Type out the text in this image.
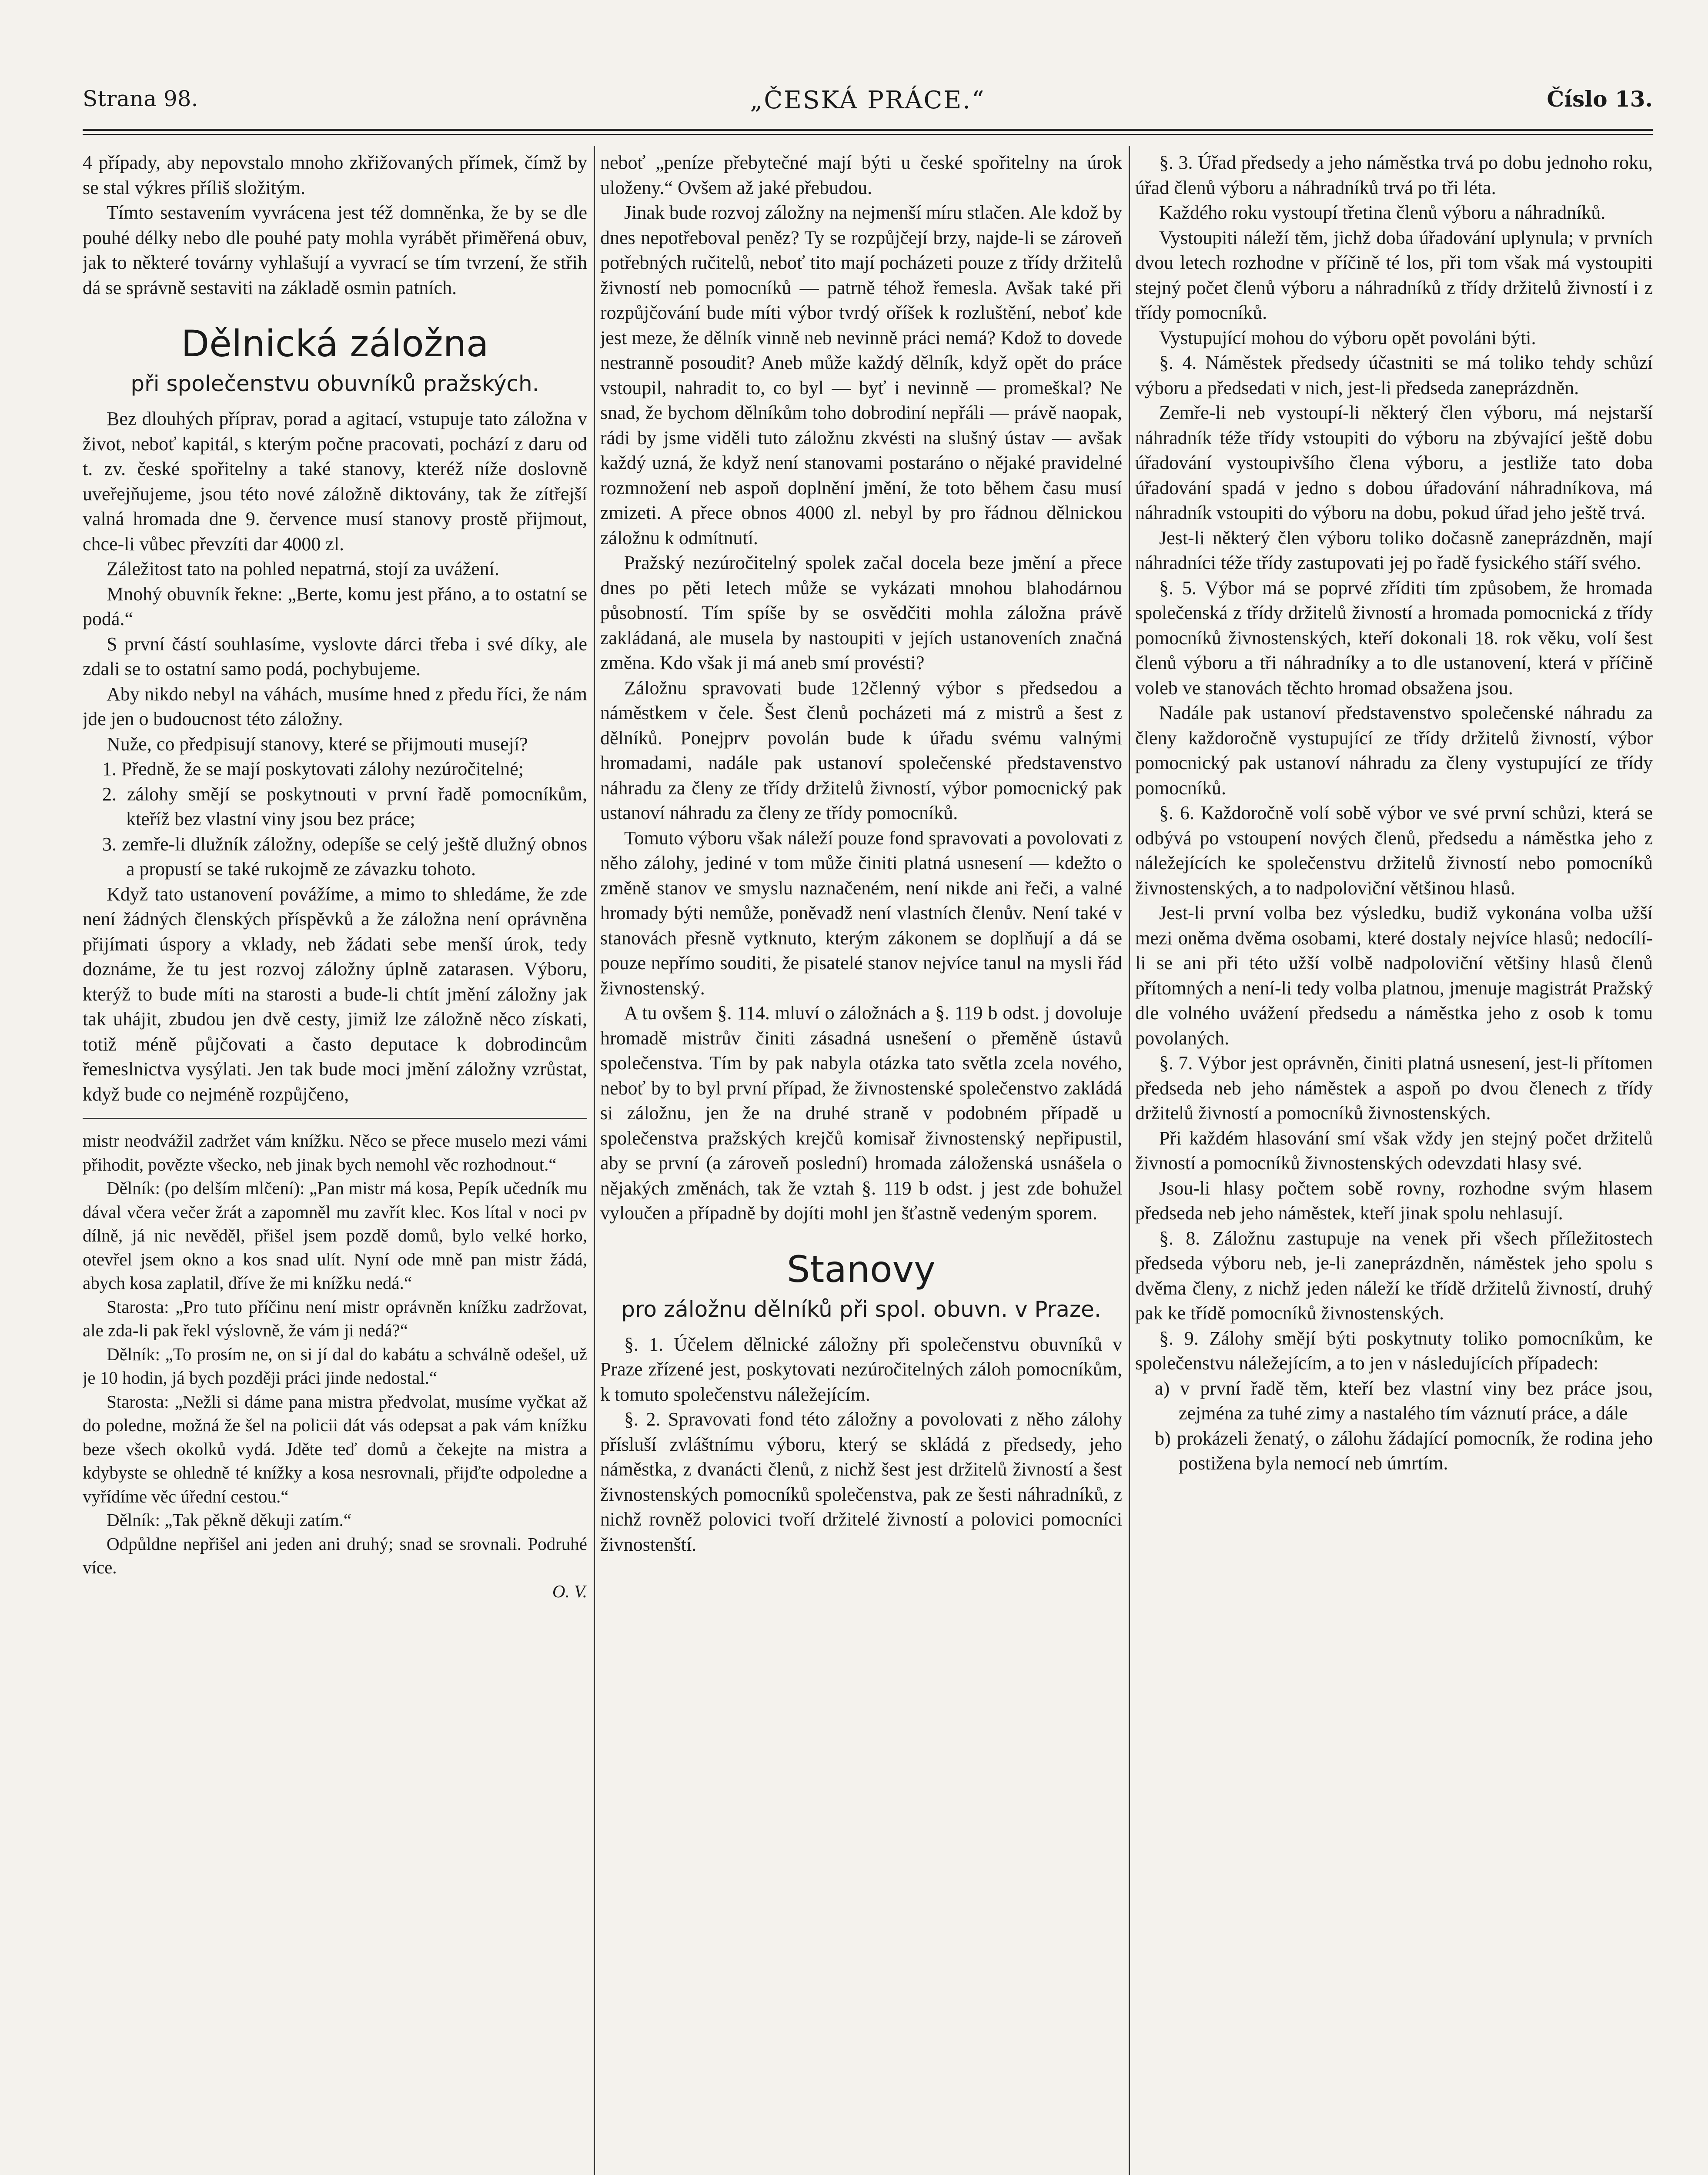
Strana 98.	„ČESKÁ PRÁCE.“	Číslo 13.

4 případy, aby nepovstalo mnoho zkřižovaných přímek, čímž by se stal výkres příliš složitým.

Tímto sestavením vyvrácena jest též domněnka, že by se dle pouhé délky nebo dle pouhé paty mohla vyrábět přiměřená obuv, jak to některé továrny vyhlašují a vyvrací se tím tvrzení, že střih dá se správně sestaviti na základě osmin patních.

Dělnická záložna
při společenstvu obuvníků pražských.

Bez dlouhých příprav, porad a agitací, vstupuje tato záložna v život, neboť kapitál, s kterým počne pracovati, pochází z daru od t. zv. české spořitelny a také stanovy, kteréž níže doslovně uveřejňujeme, jsou této nové záložně diktovány, tak že zítřejší valná hromada dne 9. července musí stanovy prostě přijmout, chce-li vůbec převzíti dar 4000 zl.

Záležitost tato na pohled nepatrná, stojí za uvážení.

Mnohý obuvník řekne: „Berte, komu jest přáno, a to ostatní se podá.“

S první částí souhlasíme, vyslovte dárci třeba i své díky, ale zdali se to ostatní samo podá, pochybujeme.

Aby nikdo nebyl na váhách, musíme hned z předu říci, že nám jde jen o budoucnost této záložny.

Nuže, co předpisují stanovy, které se přijmouti musejí?

1. Předně, že se mají poskytovati zálohy nezúročitelné;
2. zálohy smějí se poskytnouti v první řadě pomocníkům, kteříž bez vlastní viny jsou bez práce;
3. zemře-li dlužník záložny, odepíše se celý ještě dlužný obnos a propustí se také rukojmě ze závazku tohoto.

Když tato ustanovení povážíme, a mimo to shledáme, že zde není žádných členských příspěvků a že záložna není oprávněna přijímati úspory a vklady, neb žádati sebe menší úrok, tedy doznáme, že tu jest rozvoj záložny úplně zatarasen. Výboru, kterýž to bude míti na starosti a bude-li chtít jmění záložny jak tak uhájit, zbudou jen dvě cesty, jimiž lze záložně něco získati, totiž méně půjčovati a často deputace k dobrodincům řemeslnictva vysýlati. Jen tak bude moci jmění záložny vzrůstat, když bude co nejméně rozpůjčeno,

mistr neodvážil zadržet vám knížku. Něco se přece muselo mezi vámi přihodit, povězte všecko, neb jinak bych nemohl věc rozhodnout.“

Dělník: (po delším mlčení): „Pan mistr má kosa, Pepík učedník mu dával včera večer žrát a zapomněl mu zavřít klec. Kos lítal v noci pv dílně, já nic nevěděl, přišel jsem pozdě domů, bylo velké horko, otevřel jsem okno a kos snad ulít. Nyní ode mně pan mistr žádá, abych kosa zaplatil, dříve že mi knížku nedá.“

Starosta: „Pro tuto příčinu není mistr oprávněn knížku zadržovat, ale zda-li pak řekl výslovně, že vám ji nedá?“

Dělník: „To prosím ne, on si jí dal do kabátu a schválně odešel, už je 10 hodin, já bych později práci jinde nedostal.“

Starosta: „Nežli si dáme pana mistra předvolat, musíme vyčkat až do poledne, možná že šel na policii dát vás odepsat a pak vám knížku beze všech okolků vydá. Jděte teď domů a čekejte na mistra a kdybyste se ohledně té knížky a kosa nesrovnali, přijďte odpoledne a vyřídíme věc úřední cestou.“

Dělník: „Tak pěkně děkuji zatím.“

Odpůldne nepřišel ani jeden ani druhý; snad se srovnali. Podruhé více.

O. V.

neboť „peníze přebytečné mají býti u české spořitelny na úrok uloženy.“ Ovšem až jaké přebudou.

Jinak bude rozvoj záložny na nejmenší míru stlačen. Ale kdož by dnes nepotřeboval peněz? Ty se rozpůjčejí brzy, najde-li se zároveň potřebných ručitelů, neboť tito mají pocházeti pouze z třídy držitelů živností neb pomocníků — patrně téhož řemesla. Avšak také při rozpůjčování bude míti výbor tvrdý oříšek k rozluštění, neboť kde jest meze, že dělník vinně neb nevinně práci nemá? Kdož to dovede nestranně posoudit? Aneb může každý dělník, když opět do práce vstoupil, nahradit to, co byl — byť i nevinně — promeškal? Ne snad, že bychom dělníkům toho dobrodiní nepřáli — právě naopak, rádi by jsme viděli tuto záložnu zkvésti na slušný ústav — avšak každý uzná, že když není stanovami postaráno o nějaké pravidelné rozmnožení neb aspoň doplnění jmění, že toto během času musí zmizeti. A přece obnos 4000 zl. nebyl by pro řádnou dělnickou záložnu k odmítnutí.

Pražský nezúročitelný spolek začal docela beze jmění a přece dnes po pěti letech může se vykázati mnohou blahodárnou působností. Tím spíše by se osvědčiti mohla záložna právě zakládaná, ale musela by nastoupiti v jejích ustanoveních značná změna. Kdo však ji má aneb smí provésti?

Záložnu spravovati bude 12členný výbor s předsedou a náměstkem v čele. Šest členů pocházeti má z mistrů a šest z dělníků. Ponejprv povolán bude k úřadu svému valnými hromadami, nadále pak ustanoví společenské představenstvo náhradu za členy ze třídy držitelů živností, výbor pomocnický pak ustanoví náhradu za členy ze třídy pomocníků.

Tomuto výboru však náleží pouze fond spravovati a povolovati z něho zálohy, jediné v tom může činiti platná usnesení — kdežto o změně stanov ve smyslu naznačeném, není nikde ani řeči, a valné hromady býti nemůže, poněvadž není vlastních členův. Není také v stanovách přesně vytknuto, kterým zákonem se doplňují a dá se pouze nepřímo souditi, že pisatelé stanov nejvíce tanul na mysli řád živnostenský.

A tu ovšem §. 114. mluví o záložnách a §. 119 b odst. j dovoluje hromadě mistrův činiti zásadná usnešení o přeměně ústavů společenstva. Tím by pak nabyla otázka tato světla zcela nového, neboť by to byl první případ, že živnostenské společenstvo zakládá si záložnu, jen že na druhé straně v podobném případě u společenstva pražských krejčů komisař živnostenský nepřipustil, aby se první (a zároveň poslední) hromada záloženská usnášela o nějakých změnách, tak že vztah §. 119 b odst. j jest zde bohužel vyloučen a případně by dojíti mohl jen šťastně vedeným sporem.

Stanovy
pro záložnu dělníků při spol. obuvn. v Praze.

§. 1. Účelem dělnické záložny při společenstvu obuvníků v Praze zřízené jest, poskytovati nezúročitelných záloh pomocníkům, k tomuto společenstvu náležejícím.

§. 2. Spravovati fond této záložny a povolovati z něho zálohy přísluší zvláštnímu výboru, který se skládá z předsedy, jeho náměstka, z dvanácti členů, z nichž šest jest držitelů živností a šest živnostenských pomocníků společenstva, pak ze šesti náhradníků, z nichž rovněž polovici tvoří držitelé živností a polovici pomocníci živnostenští.

§. 3. Úřad předsedy a jeho náměstka trvá po dobu jednoho roku, úřad členů výboru a náhradníků trvá po tři léta.

Každého roku vystoupí třetina členů výboru a náhradníků.

Vystoupiti náleží těm, jichž doba úřadování uplynula; v prvních dvou letech rozhodne v příčině té los, při tom však má vystoupiti stejný počet členů výboru a náhradníků z třídy držitelů živností i z třídy pomocníků.

Vystupující mohou do výboru opět povoláni býti.

§. 4. Náměstek předsedy účastniti se má toliko tehdy schůzí výboru a předsedati v nich, jest-li předseda zaneprázdněn.

Zemře-li neb vystoupí-li některý člen výboru, má nejstarší náhradník téže třídy vstoupiti do výboru na zbývající ještě dobu úřadování vystoupivšího člena výboru, a jestliže tato doba úřadování spadá v jedno s dobou úřadování náhradníkova, má náhradník vstoupiti do výboru na dobu, pokud úřad jeho ještě trvá.

Jest-li některý člen výboru toliko dočasně zaneprázdněn, mají náhradníci téže třídy zastupovati jej po řadě fysického stáří svého.

§. 5. Výbor má se poprvé zříditi tím způsobem, že hromada společenská z třídy držitelů živností a hromada pomocnická z třídy pomocníků živnostenských, kteří dokonali 18. rok věku, volí šest členů výboru a tři náhradníky a to dle ustanovení, která v příčině voleb ve stanovách těchto hromad obsažena jsou.

Nadále pak ustanoví představenstvo společenské náhradu za členy každoročně vystupující ze třídy držitelů živností, výbor pomocnický pak ustanoví náhradu za členy vystupující ze třídy pomocníků.

§. 6. Každoročně volí sobě výbor ve své první schůzi, která se odbývá po vstoupení nových členů, předsedu a náměstka jeho z náležejících ke společenstvu držitelů živností nebo pomocníků živnostenských, a to nadpoloviční většinou hlasů.

Jest-li první volba bez výsledku, budiž vykonána volba užší mezi oněma dvěma osobami, které dostaly nejvíce hlasů; nedocílí-li se ani při této užší volbě nadpoloviční většiny hlasů členů přítomných a není-li tedy volba platnou, jmenuje magistrát Pražský dle volného uvážení předsedu a náměstka jeho z osob k tomu povolaných.

§. 7. Výbor jest oprávněn, činiti platná usnesení, jest-li přítomen předseda neb jeho náměstek a aspoň po dvou členech z třídy držitelů živností a pomocníků živnostenských.

Při každém hlasování smí však vždy jen stejný počet držitelů živností a pomocníků živnostenských odevzdati hlasy své.

Jsou-li hlasy počtem sobě rovny, rozhodne svým hlasem předseda neb jeho náměstek, kteří jinak spolu nehlasují.

§. 8. Záložnu zastupuje na venek při všech příležitostech předseda výboru neb, je-li zaneprázdněn, náměstek jeho spolu s dvěma členy, z nichž jeden náleží ke třídě držitelů živností, druhý pak ke třídě pomocníků živnostenských.

§. 9. Zálohy smějí býti poskytnuty toliko pomocníkům, ke společenstvu náležejícím, a to jen v následujících případech:

a) v první řadě těm, kteří bez vlastní viny bez práce jsou, zejména za tuhé zimy a nastalého tím váznutí práce, a dále
b) prokázeli ženatý, o zálohu žádající pomocník, že rodina jeho postižena byla nemocí neb úmrtím.
